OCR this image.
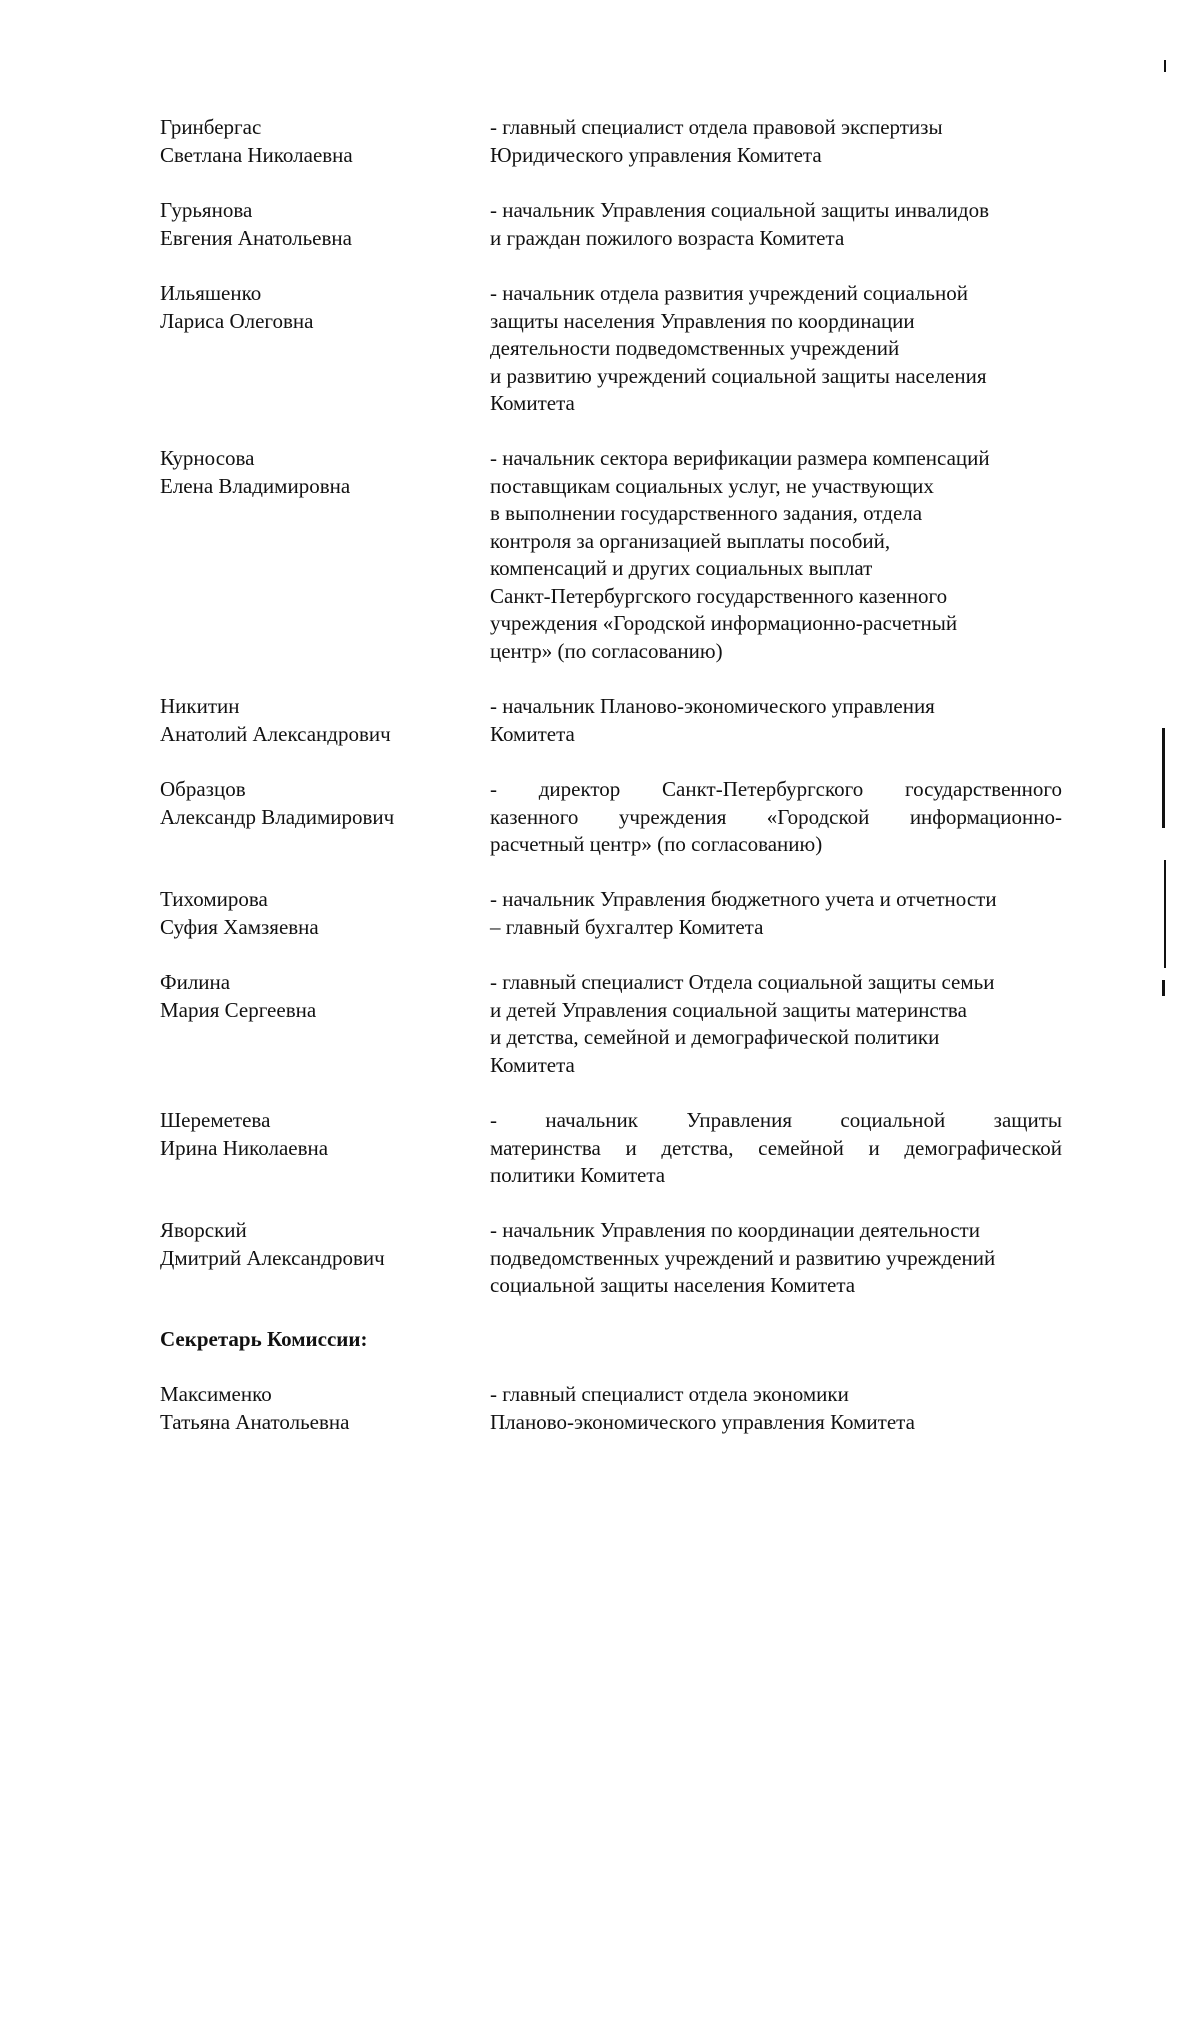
Гринбергас
Светлана Николаевна
- главный специалист отдела правовой экспертизы
Юридического управления Комитета
Гурьянова
Евгения Анатольевна
- начальник Управления социальной защиты инвалидов
и граждан пожилого возраста Комитета
Ильяшенко
Лариса Олеговна
- начальник отдела развития учреждений социальной
защиты населения Управления по координации
деятельности подведомственных учреждений
и развитию учреждений социальной защиты населения
Комитета
Курносова
Елена Владимировна
- начальник сектора верификации размера компенсаций
поставщикам социальных услуг, не участвующих
в выполнении государственного задания, отдела
контроля за организацией выплаты пособий,
компенсаций и других социальных выплат
Санкт-Петербургского государственного казенного
учреждения «Городской информационно-расчетный
центр» (по согласованию)
Никитин
Анатолий Александрович
- начальник Планово-экономического управления
Комитета
Образцов
Александр Владимирович
- директор Санкт-Петербургского государственного
казенного учреждения «Городской информационно-
расчетный центр» (по согласованию)
Тихомирова
Суфия Хамзяевна
- начальник Управления бюджетного учета и отчетности
– главный бухгалтер Комитета
Филина
Мария Сергеевна
- главный специалист Отдела социальной защиты семьи
и детей Управления социальной защиты материнства
и детства, семейной и демографической политики
Комитета
Шереметева
Ирина Николаевна
- начальник Управления социальной защиты
материнства и детства, семейной и демографической
политики Комитета
Яворский
Дмитрий Александрович
- начальник Управления по координации деятельности
подведомственных учреждений и развитию учреждений
социальной защиты населения Комитета
Секретарь Комиссии:
Максименко
Татьяна Анатольевна
- главный специалист отдела экономики
Планово-экономического управления Комитета
